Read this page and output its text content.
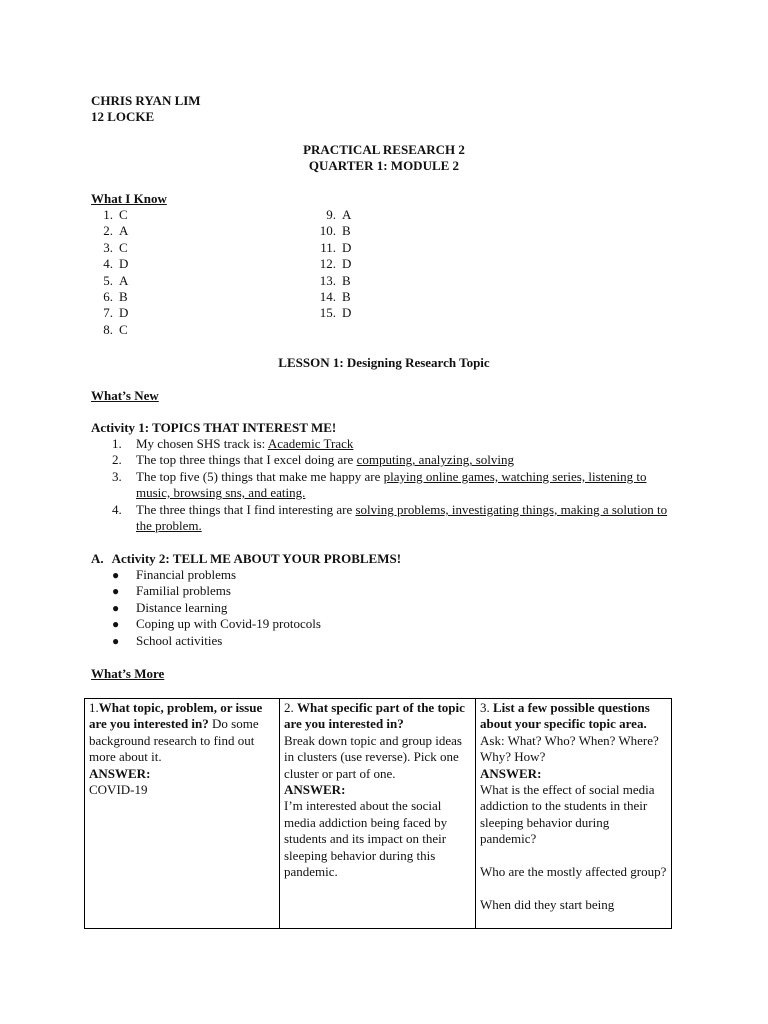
CHRIS RYAN LIM
12 LOCKE
PRACTICAL RESEARCH 2
QUARTER 1: MODULE 2
What I Know
1. C
2. A
3. C
4. D
5. A
6. B
7. D
8. C
9. A
10. B
11. D
12. D
13. B
14. B
15. D
LESSON 1: Designing Research Topic
What’s New
Activity 1: TOPICS THAT INTEREST ME!
1.	My chosen SHS track is: Academic Track
2.	The top three things that I excel doing are computing, analyzing, solving
3.	The top five (5) things that make me happy are playing online games, watching series, listening to music, browsing sns, and eating.
4.	The three things that I find interesting are solving problems, investigating things, making a solution to the problem.
A. Activity 2: TELL ME ABOUT YOUR PROBLEMS!
● Financial problems
● Familial problems
● Distance learning
● Coping up with Covid-19 protocols
● School activities
What’s More
1.What topic, problem, or issue are you interested in? Do some background research to find out more about it.
ANSWER:
COVID-19
	2. What specific part of the topic are you interested in?
Break down topic and group ideas in clusters (use reverse). Pick one cluster or part of one.
ANSWER:
I’m interested about the social media addiction being faced by students and its impact on their sleeping behavior during this pandemic.
	3. List a few possible questions about your specific topic area.
Ask: What? Who? When? Where? Why? How?
ANSWER:
What is the effect of social media addiction to the students in their sleeping behavior during pandemic?
Who are the mostly affected group?
When did they start being
